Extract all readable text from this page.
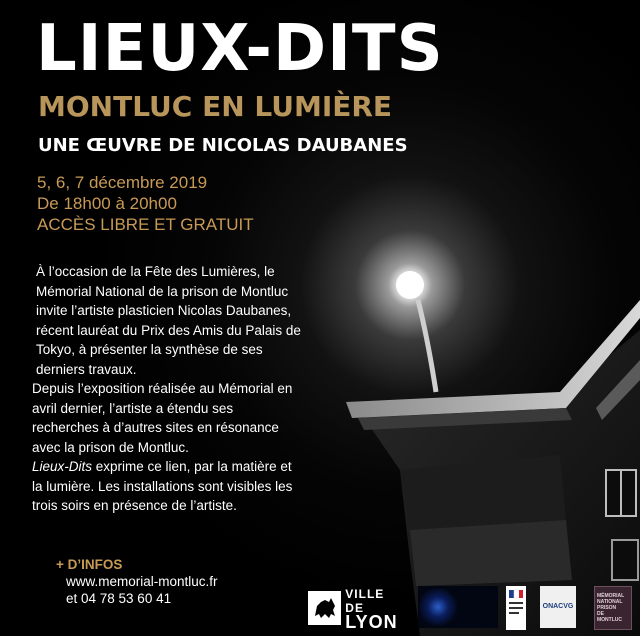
LIEUX-DITS
MONTLUC EN LUMIÈRE
UNE ŒUVRE DE NICOLAS DAUBANES
5, 6, 7 décembre 2019
De 18h00 à 20h00
ACCÈS LIBRE ET GRATUIT

À l’occasion de la Fête des Lumières, le Mémorial National de la prison de Montluc invite l’artiste plasticien Nicolas Daubanes, récent lauréat du Prix des Amis du Palais de Tokyo, à présenter la synthèse de ses derniers travaux.

Depuis l’exposition réalisée au Mémorial en avril dernier, l’artiste a étendu ses recherches à d’autres sites en résonance avec la prison de Montluc.

Lieux-Dits exprime ce lien, par la matière et la lumière. Les installations sont visibles les trois soirs en présence de l’artiste.

+ D’INFOS
www.memorial-montluc.fr
et 04 78 53 60 41	VILLE DE
LYON
ONACVG
MÉMORIAL
NATIONAL
PRISON
DE MONTLUC
